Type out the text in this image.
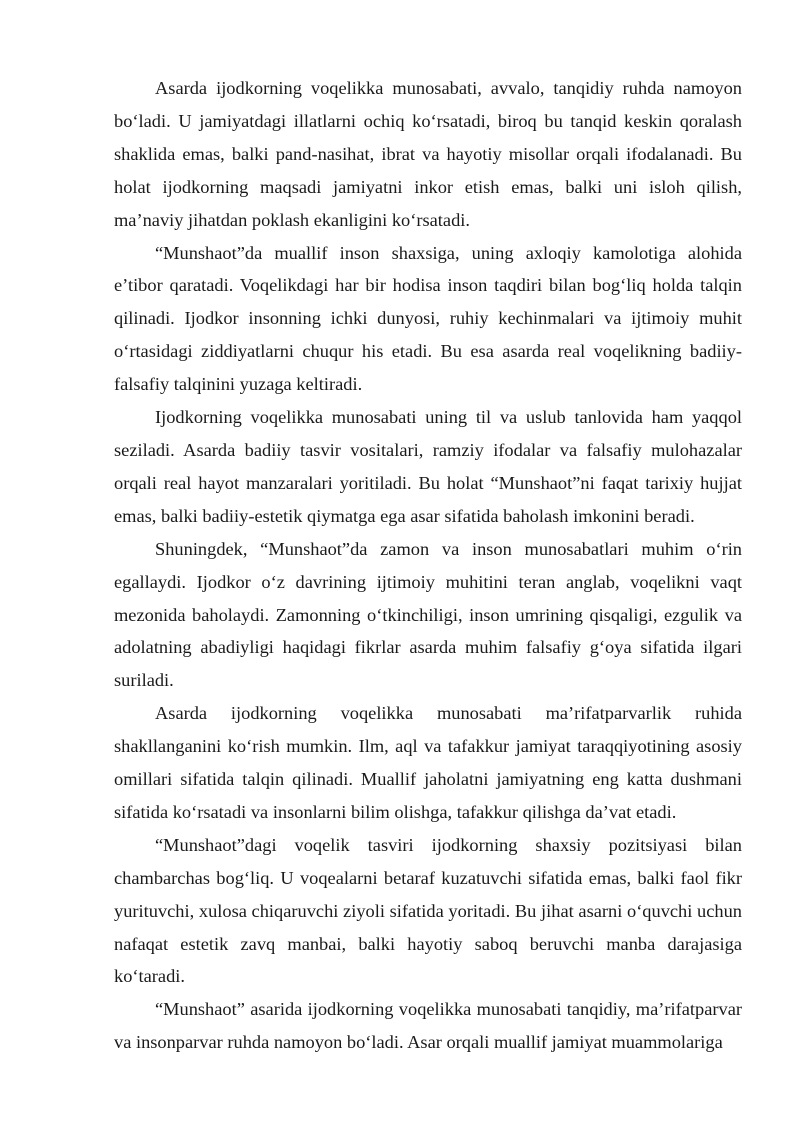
Asarda ijodkorning voqelikka munosabati, avvalo, tanqidiy ruhda namoyon bo‘ladi. U jamiyatdagi illatlarni ochiq ko‘rsatadi, biroq bu tanqid keskin qoralash shaklida emas, balki pand-nasihat, ibrat va hayotiy misollar orqali ifodalanadi. Bu holat ijodkorning maqsadi jamiyatni inkor etish emas, balki uni isloh qilish, ma’naviy jihatdan poklash ekanligini ko‘rsatadi.

“Munshaot”da muallif inson shaxsiga, uning axloqiy kamolotiga alohida e’tibor qaratadi. Voqelikdagi har bir hodisa inson taqdiri bilan bog‘liq holda talqin qilinadi. Ijodkor insonning ichki dunyosi, ruhiy kechinmalari va ijtimoiy muhit o‘rtasidagi ziddiyatlarni chuqur his etadi. Bu esa asarda real voqelikning badiiy-falsafiy talqinini yuzaga keltiradi.

Ijodkorning voqelikka munosabati uning til va uslub tanlovida ham yaqqol seziladi. Asarda badiiy tasvir vositalari, ramziy ifodalar va falsafiy mulohazalar orqali real hayot manzaralari yoritiladi. Bu holat “Munshaot”ni faqat tarixiy hujjat emas, balki badiiy-estetik qiymatga ega asar sifatida baholash imkonini beradi.

Shuningdek, “Munshaot”da zamon va inson munosabatlari muhim o‘rin egallaydi. Ijodkor o‘z davrining ijtimoiy muhitini teran anglab, voqelikni vaqt mezonida baholaydi. Zamonning o‘tkinchiligi, inson umrining qisqaligi, ezgulik va adolatning abadiyligi haqidagi fikrlar asarda muhim falsafiy g‘oya sifatida ilgari suriladi.

Asarda ijodkorning voqelikka munosabati ma’rifatparvarlik ruhida shakllanganini ko‘rish mumkin. Ilm, aql va tafakkur jamiyat taraqqiyotining asosiy omillari sifatida talqin qilinadi. Muallif jaholatni jamiyatning eng katta dushmani sifatida ko‘rsatadi va insonlarni bilim olishga, tafakkur qilishga da’vat etadi.

“Munshaot”dagi voqelik tasviri ijodkorning shaxsiy pozitsiyasi bilan chambarchas bog‘liq. U voqealarni betaraf kuzatuvchi sifatida emas, balki faol fikr yurituvchi, xulosa chiqaruvchi ziyoli sifatida yoritadi. Bu jihat asarni o‘quvchi uchun nafaqat estetik zavq manbai, balki hayotiy saboq beruvchi manba darajasiga ko‘taradi.

“Munshaot” asarida ijodkorning voqelikka munosabati tanqidiy, ma’rifatparvar va insonparvar ruhda namoyon bo‘ladi. Asar orqali muallif jamiyat muammolariga
